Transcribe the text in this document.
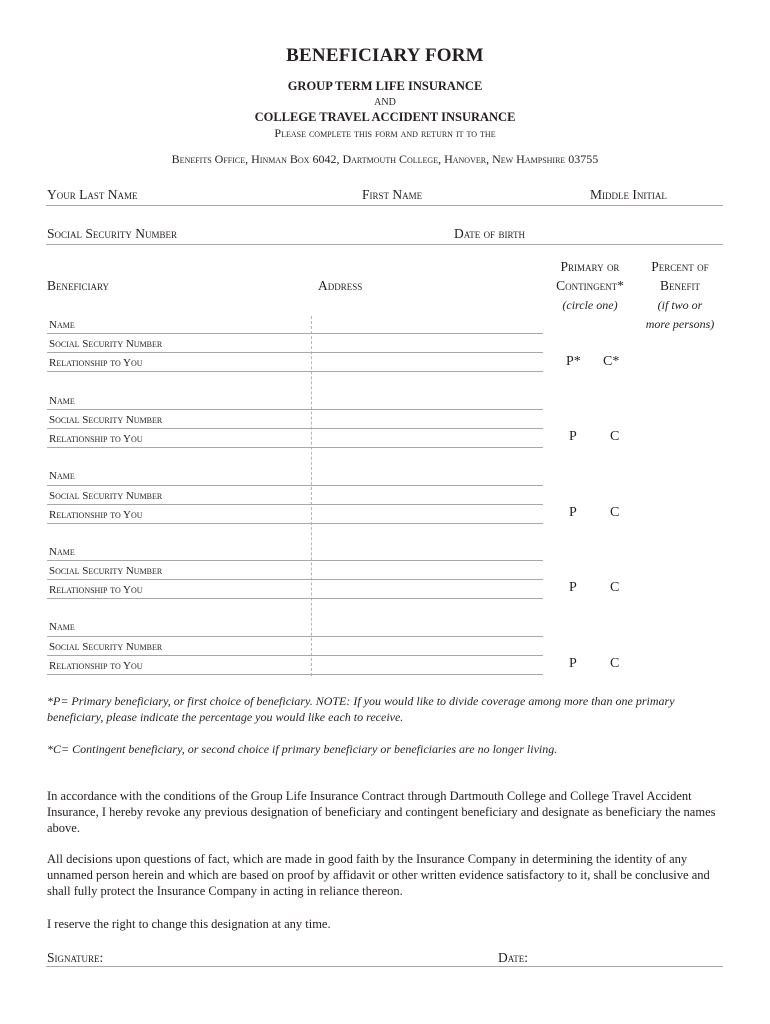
BENEFICIARY FORM
GROUP TERM LIFE INSURANCE
AND
COLLEGE TRAVEL ACCIDENT INSURANCE
Please complete this form and return it to the
Benefits Office, Hinman Box 6042, Dartmouth College, Hanover, New Hampshire 03755
Your Last Name	First Name	Middle Initial
Social Security Number	Date of birth
Beneficiary	Address
Primary or
Contingent*
(circle one)
Percent of
Benefit
(if two or
more persons)
Name
Social Security Number
Relationship to You	P* C*
Name
Social Security Number
Relationship to You	P C
Name
Social Security Number
Relationship to You	P C
Name
Social Security Number
Relationship to You	P C
Name
Social Security Number
Relationship to You	P C
*P= Primary beneficiary, or first choice of beneficiary. NOTE: If you would like to divide coverage among more than one primary beneficiary, please indicate the percentage you would like each to receive.
*C= Contingent beneficiary, or second choice if primary beneficiary or beneficiaries are no longer living.
In accordance with the conditions of the Group Life Insurance Contract through Dartmouth College and College Travel Accident Insurance, I hereby revoke any previous designation of beneficiary and contingent beneficiary and designate as beneficiary the names above.
All decisions upon questions of fact, which are made in good faith by the Insurance Company in determining the identity of any unnamed person herein and which are based on proof by affidavit or other written evidence satisfactory to it, shall be conclusive and shall fully protect the Insurance Company in acting in reliance thereon.
I reserve the right to change this designation at any time.
Signature:	Date:
